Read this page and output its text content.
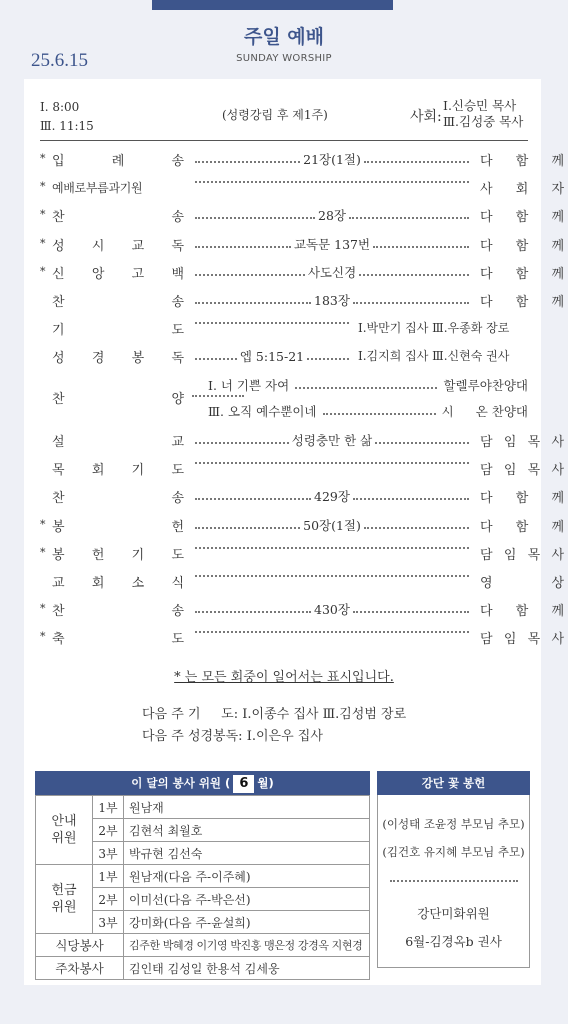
주일 예배
SUNDAY WORSHIP
25.6.15
Ⅰ. 8:00
Ⅲ. 11:15
(성령강림 후 제1주)	사회:
Ⅰ.신승민 목사
Ⅲ.김성중 목사
* 입	례	송	21장(1절)	다 함 께
* 예배로부름과기원	사 회 자
* 찬	송	28장	다 함 께
* 성 시 교 독	교독문 137번	다 함 께
* 신 앙 고 백	사도신경	다 함 께
찬	송	183장	다 함 께
기	도	Ⅰ.박만기 집사 Ⅲ.우종화 장로
성 경 봉 독	엡 5:15-21	Ⅰ.김지희 집사 Ⅲ.신현숙 권사
찬	양
Ⅰ. 너 기쁜 자여	할렐루야찬양대
Ⅲ. 오직 예수뿐이네	시 온 찬양대
설	교	성령충만 한 삶	담 임 목 사
목 회 기 도	담 임 목 사
찬	송	429장	다 함 께
* 봉	헌	50장(1절)	다 함 께
* 봉 헌 기 도	담 임 목 사
교 회 소 식	영	상
* 찬	송	430장	다 함 께
* 축	도	담 임 목 사
* 는 모든 회중이 일어서는 표시입니다.
다음 주 기     도: Ⅰ.이종수 집사 Ⅲ.김성범 장로
다음 주 성경봉독: Ⅰ.이은우 집사
이 달의 봉사 위원 ( 6 월)
안내
위원	1부	원남재
	2부	김현석 최월호
	3부	박규현 김선숙
헌금
위원	1부	원남재(다음 주-이주혜)
	2부	이미선(다음 주-박은선)
	3부	강미화(다음 주-윤설희)
식당봉사		김주한 박혜경 이기영 박진홍 맹은정 강경옥 지현경
주차봉사		김인태 김성일 한용석 김세웅
강단 꽃 봉헌
(이성태 조윤정 부모님 추모)
(김건호 유지혜 부모님 추모)
강단미화위원
6월-김경옥b 권사
